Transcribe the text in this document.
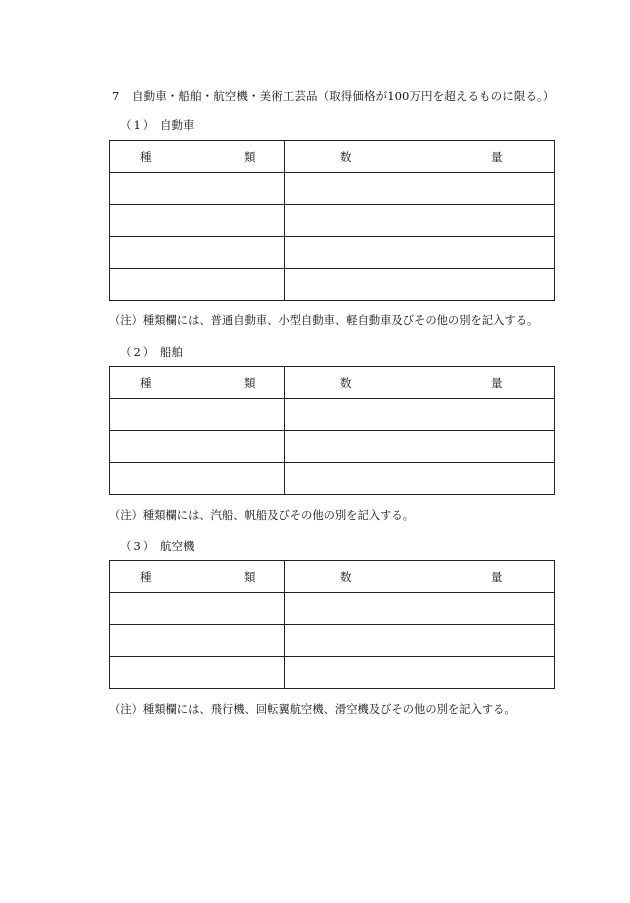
7 自動車・船舶・航空機・美術工芸品（取得価格が100万円を超えるものに限る。）
（1） 自動車
種 類	数 量

（注）種類欄には、普通自動車、小型自動車、軽自動車及びその他の別を記入する。
（2） 船舶
種 類	数 量

（注）種類欄には、汽船、帆船及びその他の別を記入する。
（3） 航空機
種 類	数 量

（注）種類欄には、飛行機、回転翼航空機、滑空機及びその他の別を記入する。
